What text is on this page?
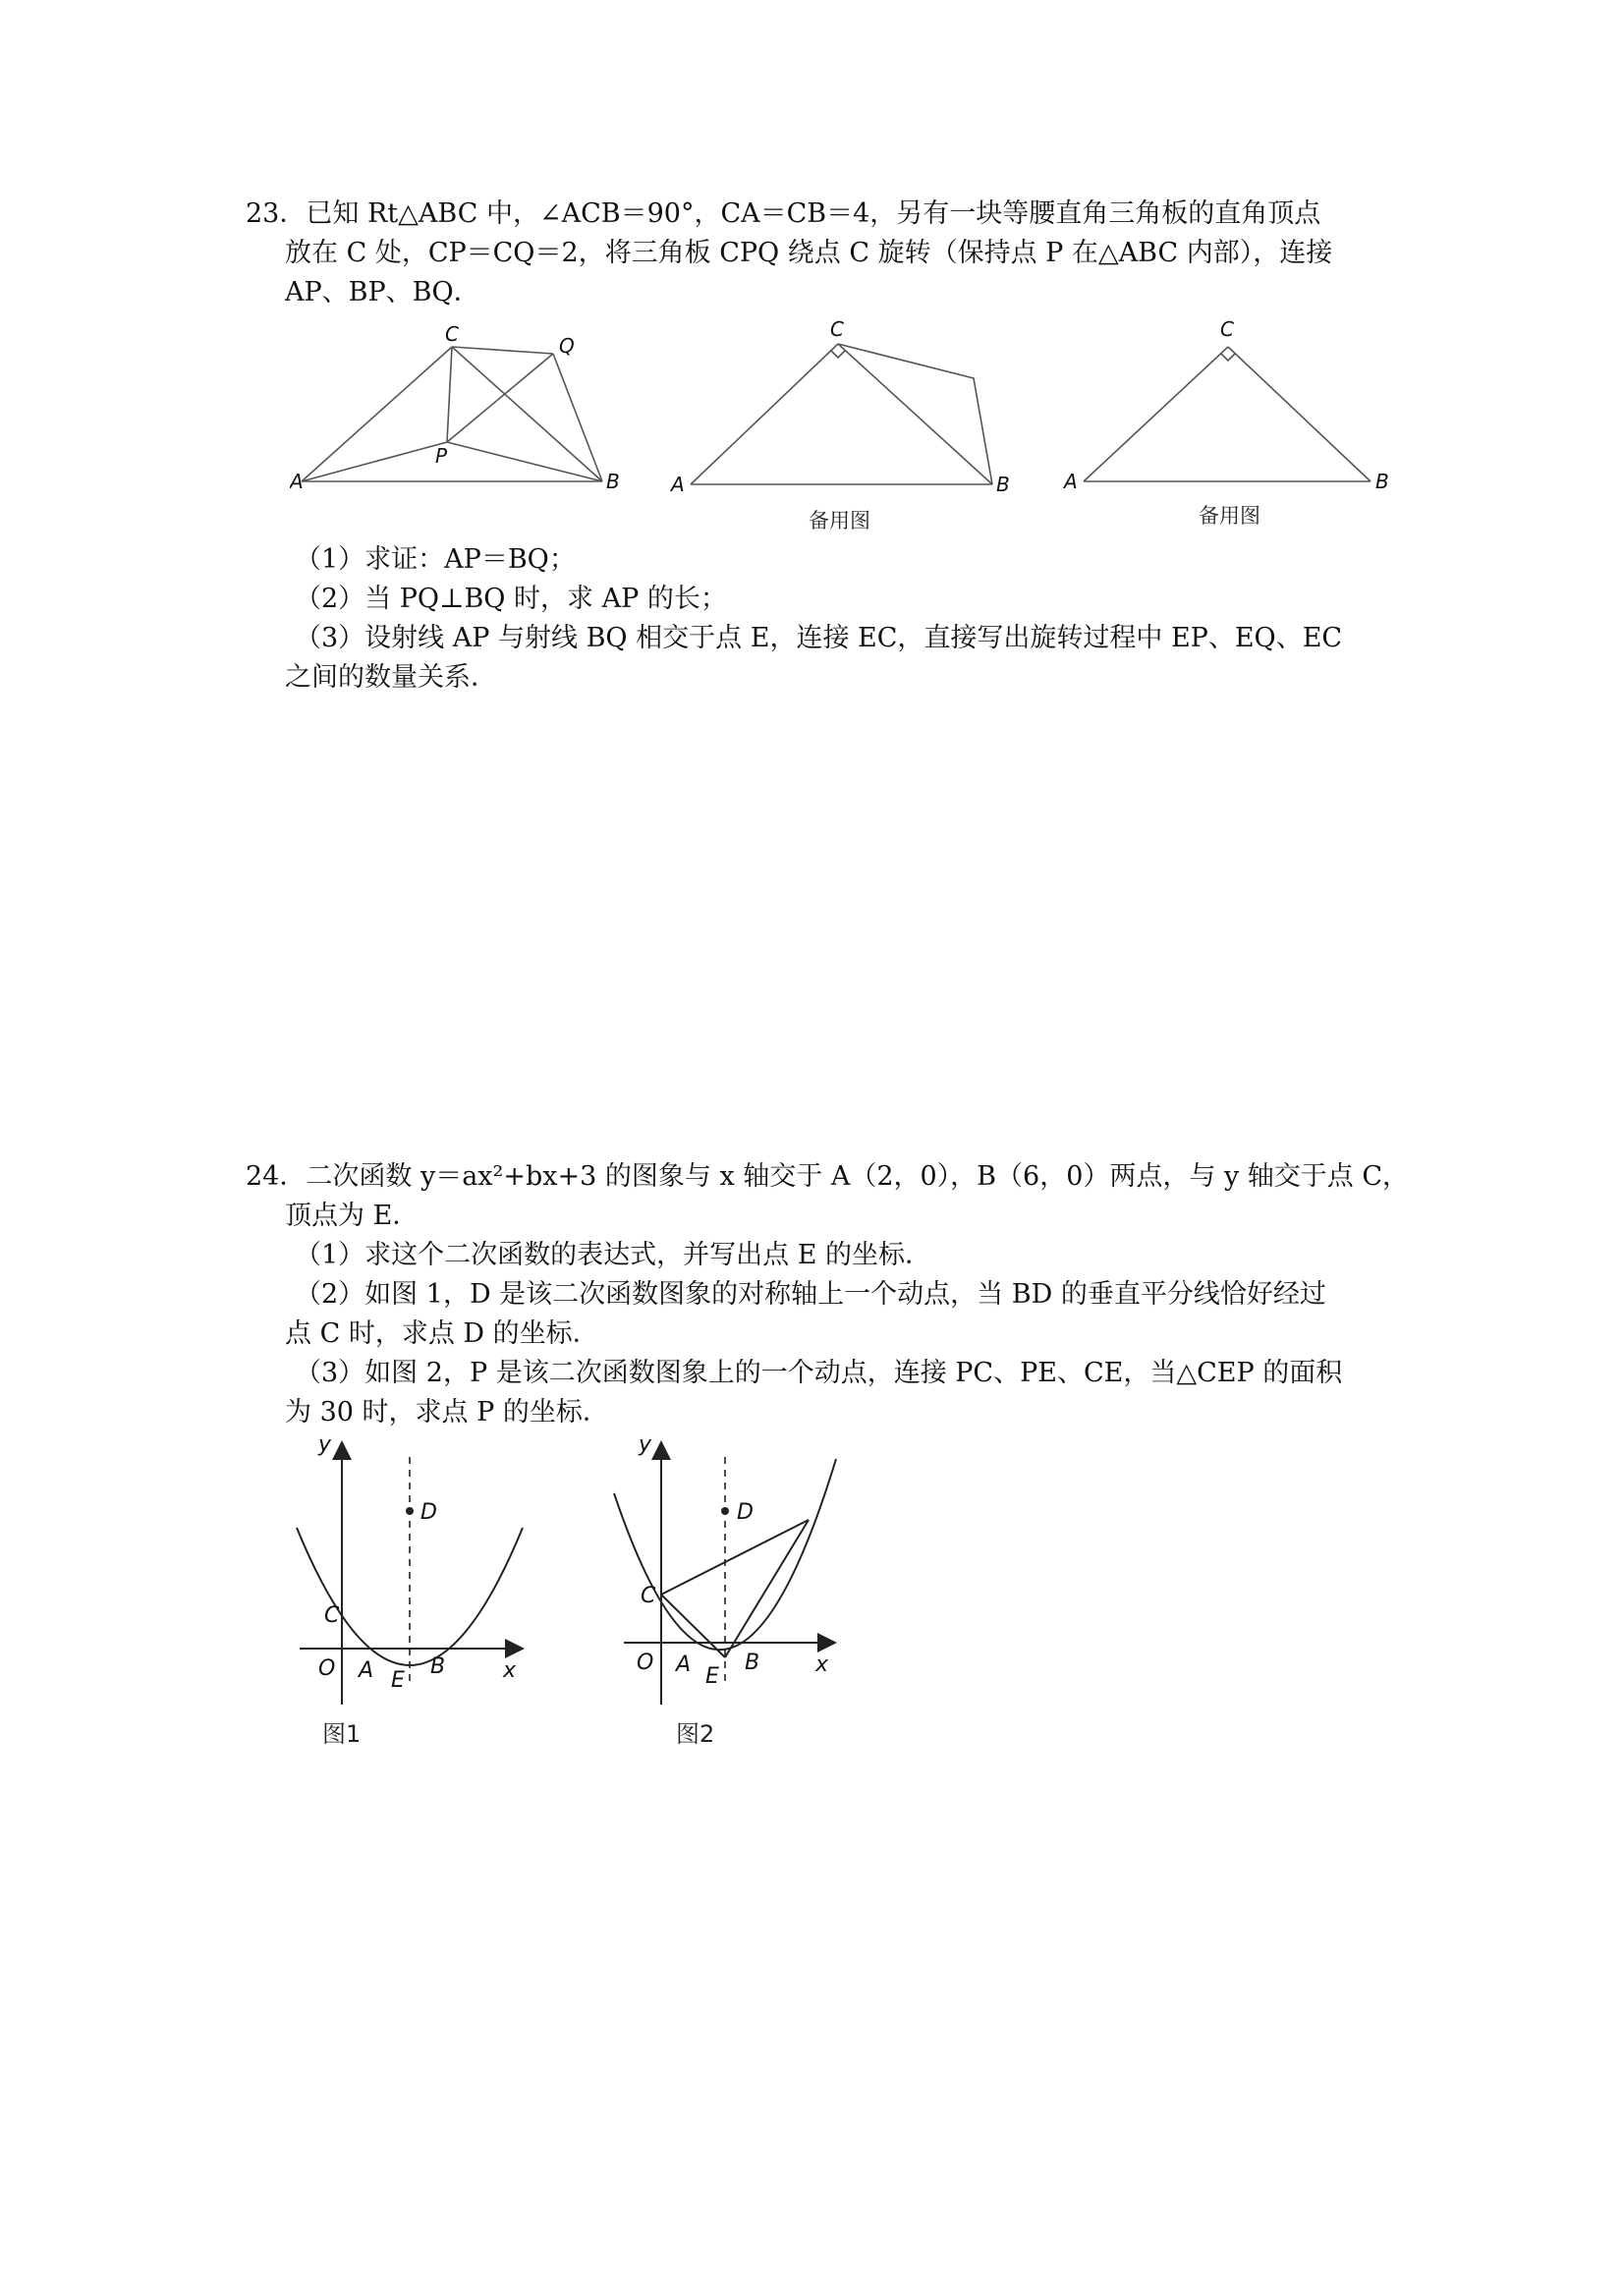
23．已知 Rt△ABC 中，∠ACB＝90°，CA＝CB＝4，另有一块等腰直角三角板的直角顶点
放在 C 处，CP＝CQ＝2，将三角板 CPQ 绕点 C 旋转（保持点 P 在△ABC 内部），连接
AP、BP、BQ．
C	Q
P
A	B
C
A	B
备用图
C
A	B
备用图
（1）求证：AP＝BQ；
（2）当 PQ⊥BQ 时，求 AP 的长；
（3）设射线 AP 与射线 BQ 相交于点 E，连接 EC，直接写出旋转过程中 EP、EQ、EC
之间的数量关系．
24．二次函数 y＝ax²+bx+3 的图象与 x 轴交于 A（2，0），B（6，0）两点，与 y 轴交于点 C，
顶点为 E．
（1）求这个二次函数的表达式，并写出点 E 的坐标．
（2）如图 1，D 是该二次函数图象的对称轴上一个动点，当 BD 的垂直平分线恰好经过
点 C 时，求点 D 的坐标．
（3）如图 2，P 是该二次函数图象上的一个动点，连接 PC、PE、CE，当△CEP 的面积
为 30 时，求点 P 的坐标．
y
x
D
C
O A	B
E
图1
y
x
D
C
O A B
E
图2
